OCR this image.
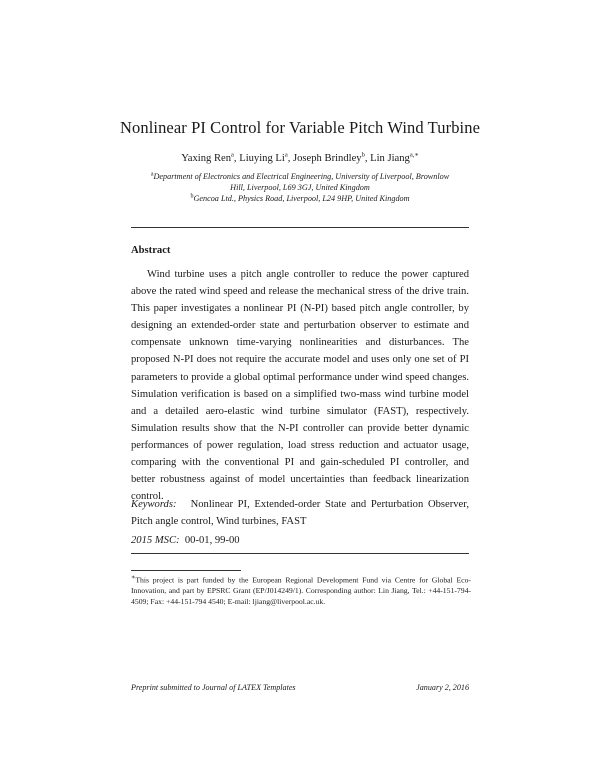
Nonlinear PI Control for Variable Pitch Wind Turbine
Yaxing Ren$^a$, Liuying Li$^a$, Joseph Brindley$^b$, Lin Jiang$^{a,∗}$
$^a$Department of Electronics and Electrical Engineering, University of Liverpool, Brownlow
Hill, Liverpool, L69 3GJ, United Kingdom
$^b$Gencoa Ltd., Physics Road, Liverpool, L24 9HP, United Kingdom
Abstract
Wind turbine uses a pitch angle controller to reduce the power captured above the rated wind speed and release the mechanical stress of the drive train. This paper investigates a nonlinear PI (N-PI) based pitch angle controller, by designing an extended-order state and perturbation observer to estimate and compensate unknown time-varying nonlinearities and disturbances. The proposed N-PI does not require the accurate model and uses only one set of PI parameters to provide a global optimal performance under wind speed changes. Simulation verification is based on a simplified two-mass wind turbine model and a detailed aero-elastic wind turbine simulator (FAST), respectively. Simulation results show that the N-PI controller can provide better dynamic performances of power regulation, load stress reduction and actuator usage, comparing with the conventional PI and gain-scheduled PI controller, and better robustness against of model uncertainties than feedback linearization control.
Keywords: Nonlinear PI, Extended-order State and Perturbation Observer, Pitch angle control, Wind turbines, FAST
2015 MSC: 00-01, 99-00
∗This project is part funded by the European Regional Development Fund via Centre for Global Eco-Innovation, and part by EPSRC Grant (EP/J014249/1). Corresponding author: Lin Jiang, Tel.: +44-151-794-4509; Fax: +44-151-794 4540; E-mail: ljiang@liverpool.ac.uk.
Preprint submitted to Journal of LATEX Templates	January 2, 2016
